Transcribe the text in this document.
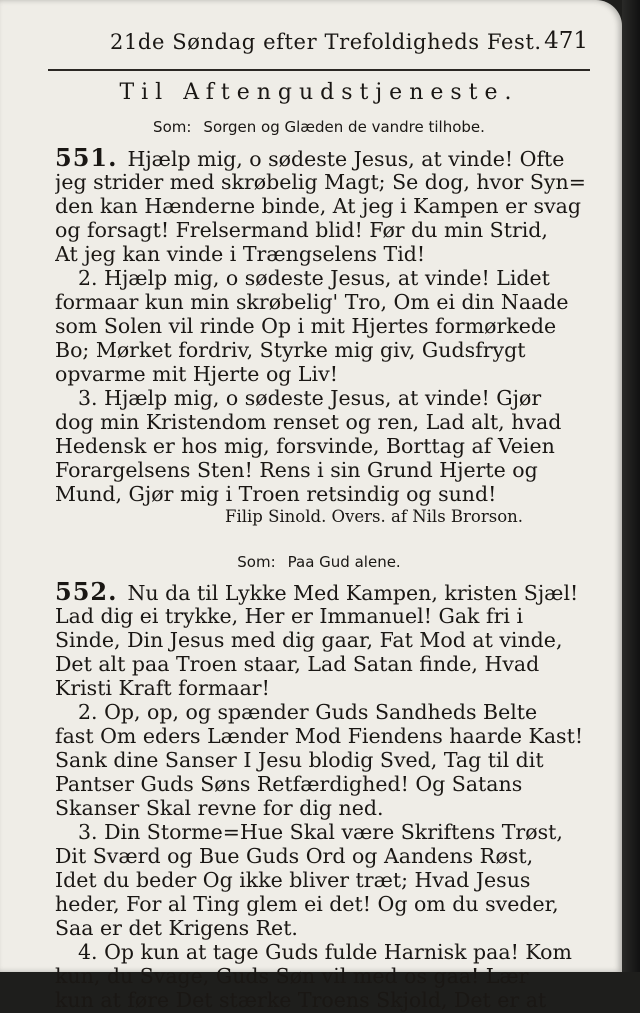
21de Søndag efter Trefoldigheds Fest. 471
Til Aftengudstjeneste.
Som: Sorgen og Glæden de vandre tilhobe.
551. Hjælp mig, o sødeste Jesus, at vinde! Ofte
jeg strider med skrøbelig Magt; Se dog, hvor Syn=
den kan Hænderne binde, At jeg i Kampen er svag
og forsagt! Frelsermand blid! Før du min Strid,
At jeg kan vinde i Trængselens Tid!
2. Hjælp mig, o sødeste Jesus, at vinde! Lidet
formaar kun min skrøbelig' Tro, Om ei din Naade
som Solen vil rinde Op i mit Hjertes formørkede
Bo; Mørket fordriv, Styrke mig giv, Gudsfrygt
opvarme mit Hjerte og Liv!
3. Hjælp mig, o sødeste Jesus, at vinde! Gjør
dog min Kristendom renset og ren, Lad alt, hvad
Hedensk er hos mig, forsvinde, Borttag af Veien
Forargelsens Sten! Rens i sin Grund Hjerte og
Mund, Gjør mig i Troen retsindig og sund!
Filip Sinold. Overs. af Nils Brorson.
Som: Paa Gud alene.
552. Nu da til Lykke Med Kampen, kristen Sjæl!
Lad dig ei trykke, Her er Immanuel! Gak fri i
Sinde, Din Jesus med dig gaar, Fat Mod at vinde,
Det alt paa Troen staar, Lad Satan finde, Hvad
Kristi Kraft formaar!
2. Op, op, og spænder Guds Sandheds Belte
fast Om eders Lænder Mod Fiendens haarde Kast!
Sank dine Sanser I Jesu blodig Sved, Tag til dit
Pantser Guds Søns Retfærdighed! Og Satans
Skanser Skal revne for dig ned.
3. Din Storme=Hue Skal være Skriftens Trøst,
Dit Sværd og Bue Guds Ord og Aandens Røst,
Idet du beder Og ikke bliver træt; Hvad Jesus
heder, For al Ting glem ei det! Og om du sveder,
Saa er det Krigens Ret.
4. Op kun at tage Guds fulde Harnisk paa! Kom
kun, du Svage, Guds Søn vil med os gaa! Lær
kun at føre Det stærke Troens Skjold, Det er at
